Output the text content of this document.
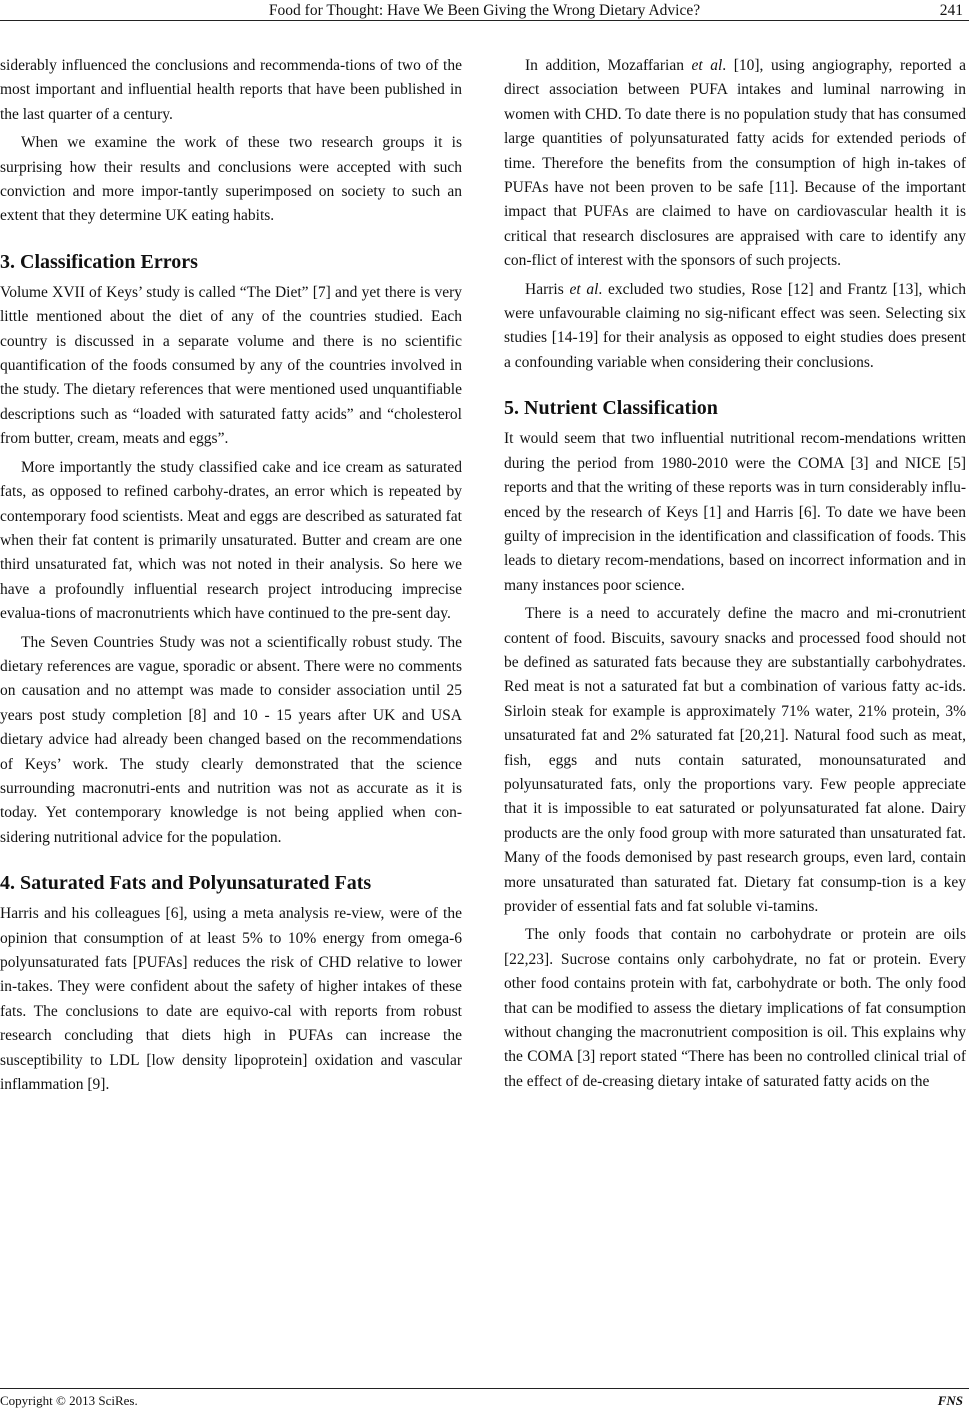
Food for Thought: Have We Been Giving the Wrong Dietary Advice?	241

siderably influenced the conclusions and recommenda-tions of two of the most important and influential health reports that have been published in the last quarter of a century.

When we examine the work of these two research groups it is surprising how their results and conclusions were accepted with such conviction and more impor-tantly superimposed on society to such an extent that they determine UK eating habits.

3. Classification Errors

Volume XVII of Keys’ study is called “The Diet” [7] and yet there is very little mentioned about the diet of any of the countries studied. Each country is discussed in a separate volume and there is no scientific quantification of the foods consumed by any of the countries involved in the study. The dietary references that were mentioned used unquantifiable descriptions such as “loaded with saturated fatty acids” and “cholesterol from butter, cream, meats and eggs”.

More importantly the study classified cake and ice cream as saturated fats, as opposed to refined carbohy-drates, an error which is repeated by contemporary food scientists. Meat and eggs are described as saturated fat when their fat content is primarily unsaturated. Butter and cream are one third unsaturated fat, which was not noted in their analysis. So here we have a profoundly influential research project introducing imprecise evalua-tions of macronutrients which have continued to the pre-sent day.

The Seven Countries Study was not a scientifically robust study. The dietary references are vague, sporadic or absent. There were no comments on causation and no attempt was made to consider association until 25 years post study completion [8] and 10 - 15 years after UK and USA dietary advice had already been changed based on the recommendations of Keys’ work. The study clearly demonstrated that the science surrounding macronutri-ents and nutrition was not as accurate as it is today. Yet contemporary knowledge is not being applied when con-sidering nutritional advice for the population.

4. Saturated Fats and Polyunsaturated Fats

Harris and his colleagues [6], using a meta analysis re-view, were of the opinion that consumption of at least 5% to 10% energy from omega-6 polyunsaturated fats [PUFAs] reduces the risk of CHD relative to lower in-takes. They were confident about the safety of higher intakes of these fats. The conclusions to date are equivo-cal with reports from robust research concluding that diets high in PUFAs can increase the susceptibility to LDL [low density lipoprotein] oxidation and vascular inflammation [9].

In addition, Mozaffarian et al. [10], using angiography, reported a direct association between PUFA intakes and luminal narrowing in women with CHD. To date there is no population study that has consumed large quantities of polyunsaturated fatty acids for extended periods of time. Therefore the benefits from the consumption of high in-takes of PUFAs have not been proven to be safe [11]. Because of the important impact that PUFAs are claimed to have on cardiovascular health it is critical that research disclosures are appraised with care to identify any con-flict of interest with the sponsors of such projects.

Harris et al. excluded two studies, Rose [12] and Frantz [13], which were unfavourable claiming no sig-nificant effect was seen. Selecting six studies [14-19] for their analysis as opposed to eight studies does present a confounding variable when considering their conclusions.

5. Nutrient Classification

It would seem that two influential nutritional recom-mendations written during the period from 1980-2010 were the COMA [3] and NICE [5] reports and that the writing of these reports was in turn considerably influ-enced by the research of Keys [1] and Harris [6]. To date we have been guilty of imprecision in the identification and classification of foods. This leads to dietary recom-mendations, based on incorrect information and in many instances poor science.

There is a need to accurately define the macro and mi-cronutrient content of food. Biscuits, savoury snacks and processed food should not be defined as saturated fats because they are substantially carbohydrates. Red meat is not a saturated fat but a combination of various fatty ac-ids. Sirloin steak for example is approximately 71% water, 21% protein, 3% unsaturated fat and 2% saturated fat [20,21]. Natural food such as meat, fish, eggs and nuts contain saturated, monounsaturated and polyunsaturated fats, only the proportions vary. Few people appreciate that it is impossible to eat saturated or polyunsaturated fat alone. Dairy products are the only food group with more saturated than unsaturated fat. Many of the foods demonised by past research groups, even lard, contain more unsaturated than saturated fat. Dietary fat consump-tion is a key provider of essential fats and fat soluble vi-tamins.

The only foods that contain no carbohydrate or protein are oils [22,23]. Sucrose contains only carbohydrate, no fat or protein. Every other food contains protein with fat, carbohydrate or both. The only food that can be modified to assess the dietary implications of fat consumption without changing the macronutrient composition is oil. This explains why the COMA [3] report stated “There has been no controlled clinical trial of the effect of de-creasing dietary intake of saturated fatty acids on the

Copyright © 2013 SciRes.	FNS
